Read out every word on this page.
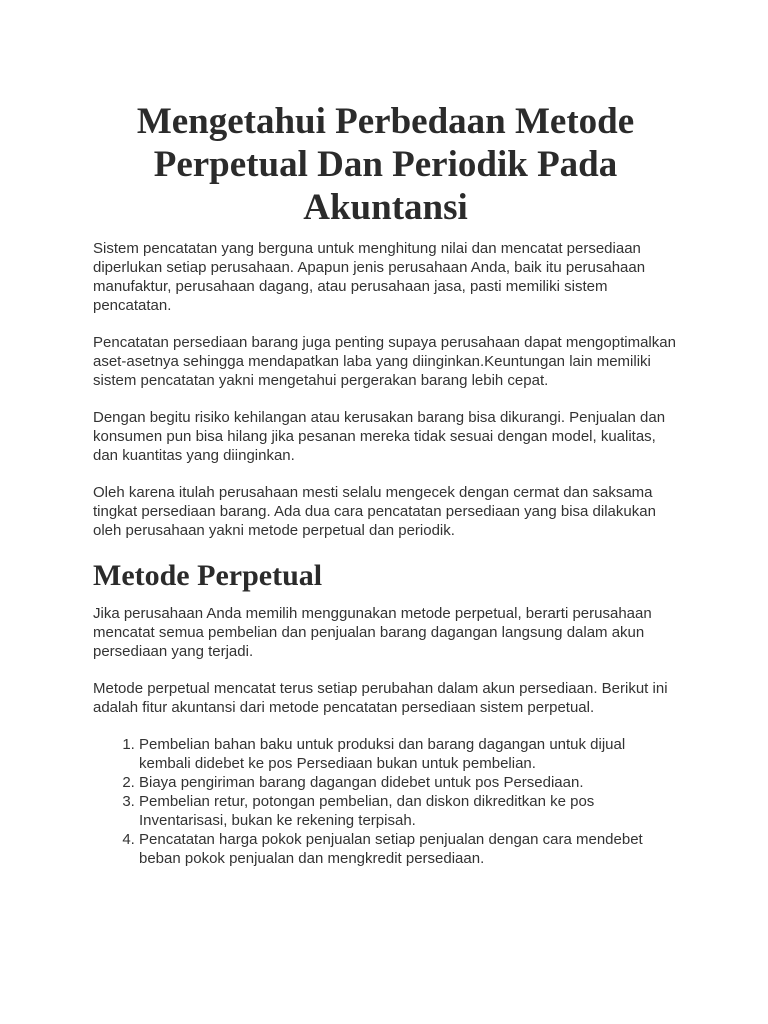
Mengetahui Perbedaan Metode Perpetual Dan Periodik Pada Akuntansi

Sistem pencatatan yang berguna untuk menghitung nilai dan mencatat persediaan diperlukan setiap perusahaan. Apapun jenis perusahaan Anda, baik itu perusahaan manufaktur, perusahaan dagang, atau perusahaan jasa, pasti memiliki sistem pencatatan.

Pencatatan persediaan barang juga penting supaya perusahaan dapat mengoptimalkan aset-asetnya sehingga mendapatkan laba yang diinginkan.Keuntungan lain memiliki sistem pencatatan yakni mengetahui pergerakan barang lebih cepat.

Dengan begitu risiko kehilangan atau kerusakan barang bisa dikurangi. Penjualan dan konsumen pun bisa hilang jika pesanan mereka tidak sesuai dengan model, kualitas, dan kuantitas yang diinginkan.

Oleh karena itulah perusahaan mesti selalu mengecek dengan cermat dan saksama tingkat persediaan barang. Ada dua cara pencatatan persediaan yang bisa dilakukan oleh perusahaan yakni metode perpetual dan periodik.

Metode Perpetual

Jika perusahaan Anda memilih menggunakan metode perpetual, berarti perusahaan mencatat semua pembelian dan penjualan barang dagangan langsung dalam akun persediaan yang terjadi.

Metode perpetual mencatat terus setiap perubahan dalam akun persediaan. Berikut ini adalah fitur akuntansi dari metode pencatatan persediaan sistem perpetual.

1. Pembelian bahan baku untuk produksi dan barang dagangan untuk dijual kembali didebet ke pos Persediaan bukan untuk pembelian.
2. Biaya pengiriman barang dagangan didebet untuk pos Persediaan.
3. Pembelian retur, potongan pembelian, dan diskon dikreditkan ke pos Inventarisasi, bukan ke rekening terpisah.
4. Pencatatan harga pokok penjualan setiap penjualan dengan cara mendebet beban pokok penjualan dan mengkredit persediaan.
